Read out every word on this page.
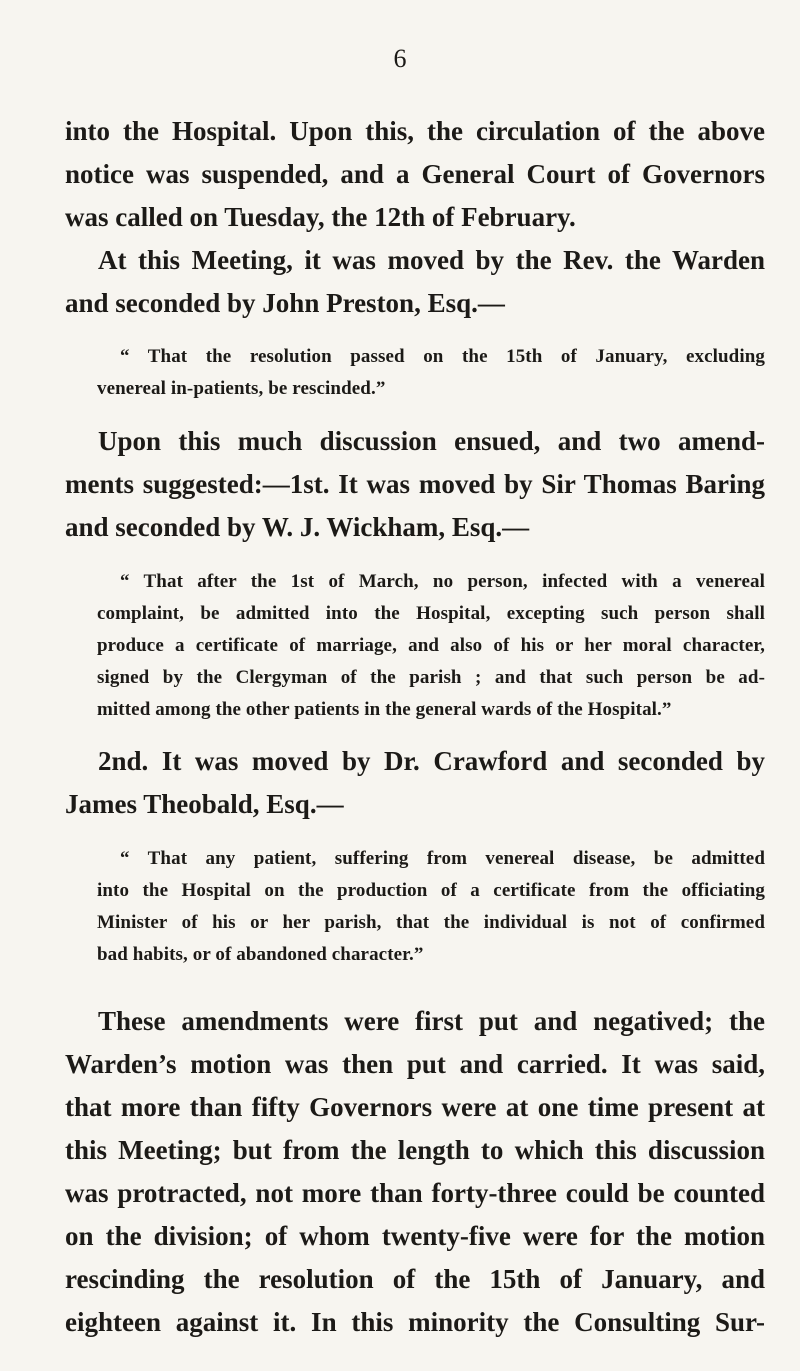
6
into the Hospital. Upon this, the circulation of the above
notice was suspended, and a General Court of Governors
was called on Tuesday, the 12th of February.
At this Meeting, it was moved by the Rev. the Warden
and seconded by John Preston, Esq.—
“ That the resolution passed on the 15th of January, excluding
venereal in-patients, be rescinded.”
Upon this much discussion ensued, and two amend-
ments suggested:—1st. It was moved by Sir Thomas Baring
and seconded by W. J. Wickham, Esq.—
“ That after the 1st of March, no person, infected with a venereal
complaint, be admitted into the Hospital, excepting such person shall
produce a certificate of marriage, and also of his or her moral character,
signed by the Clergyman of the parish ; and that such person be ad-
mitted among the other patients in the general wards of the Hospital.”
2nd. It was moved by Dr. Crawford and seconded by
James Theobald, Esq.—
“ That any patient, suffering from venereal disease, be admitted
into the Hospital on the production of a certificate from the officiating
Minister of his or her parish, that the individual is not of confirmed
bad habits, or of abandoned character.”
These amendments were first put and negatived; the
Warden’s motion was then put and carried. It was said,
that more than fifty Governors were at one time present at
this Meeting; but from the length to which this discussion
was protracted, not more than forty-three could be counted
on the division; of whom twenty-five were for the motion
rescinding the resolution of the 15th of January, and
eighteen against it. In this minority the Consulting Sur-
